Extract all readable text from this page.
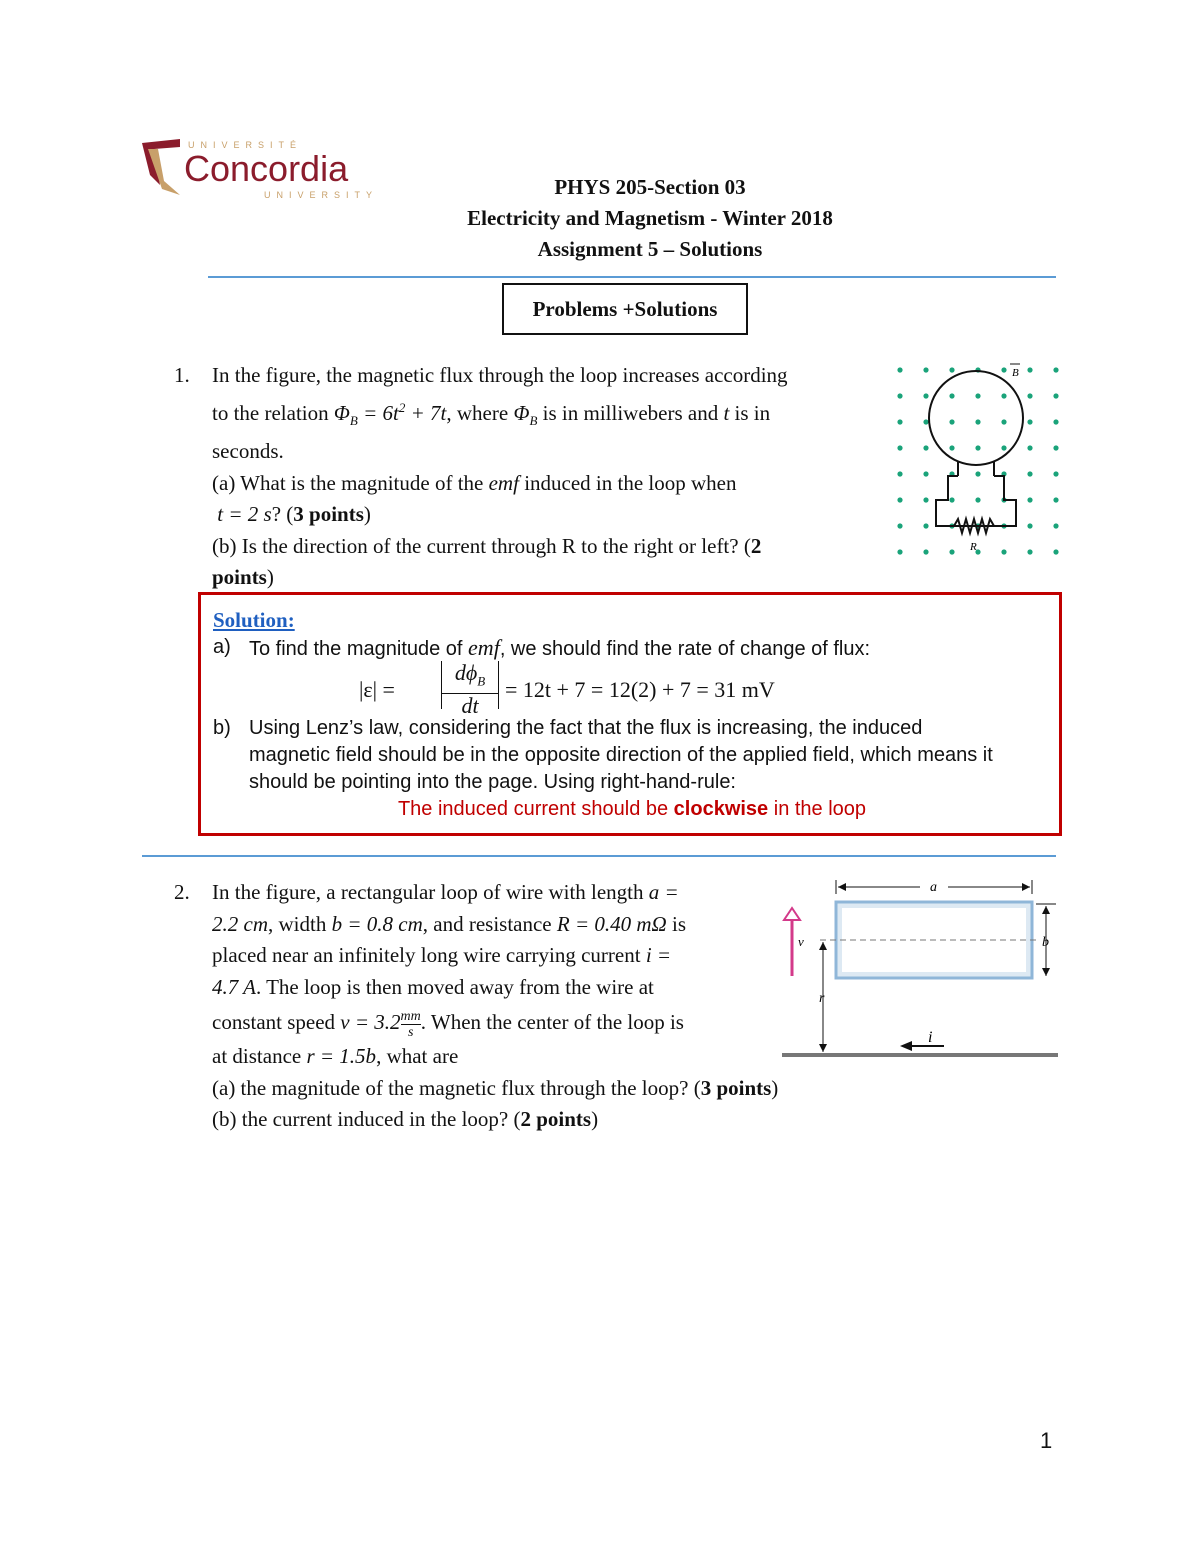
UNIVERSITÉ
Concordia
UNIVERSITY	PHYS 205-Section 03
Electricity and Magnetism - Winter 2018
Assignment 5 – Solutions
Problems +Solutions
1. In the figure, the magnetic flux through the loop increases according
to the relation $\Phi_B = 6t^2 + 7t$, where $\Phi_B$ is in milliwebers and t is in
seconds.
(a) What is the magnitude of the emf induced in the loop when
t = 2 s? (3 points)
(b) Is the direction of the current through R to the right or left? (2
points)
B
R
Solution:
a) To find the magnitude of emf, we should find the rate of change of flux:
|ε| =
$d\phi_B$
dt
= 12t + 7 = 12(2) + 7 = 31 mV
b) Using Lenz’s law, considering the fact that the flux is increasing, the induced
magnetic field should be in the opposite direction of the applied field, which means it
should be pointing into the page. Using right-hand-rule:
The induced current should be clockwise in the loop
2. In the figure, a rectangular loop of wire with length a =
2.2 cm, width b = 0.8 cm, and resistance R = 0.40 mΩ is
placed near an infinitely long wire carrying current i =
4.7 A. The loop is then moved away from the wire at
constant speed $v = 3.2 \frac{mm}{s}$ . When the center of the loop is
at distance r = 1.5b, what are
(a) the magnitude of the magnetic flux through the loop? (3 points)
(b) the current induced in the loop? (2 points)
a
b
v
r
i
1
